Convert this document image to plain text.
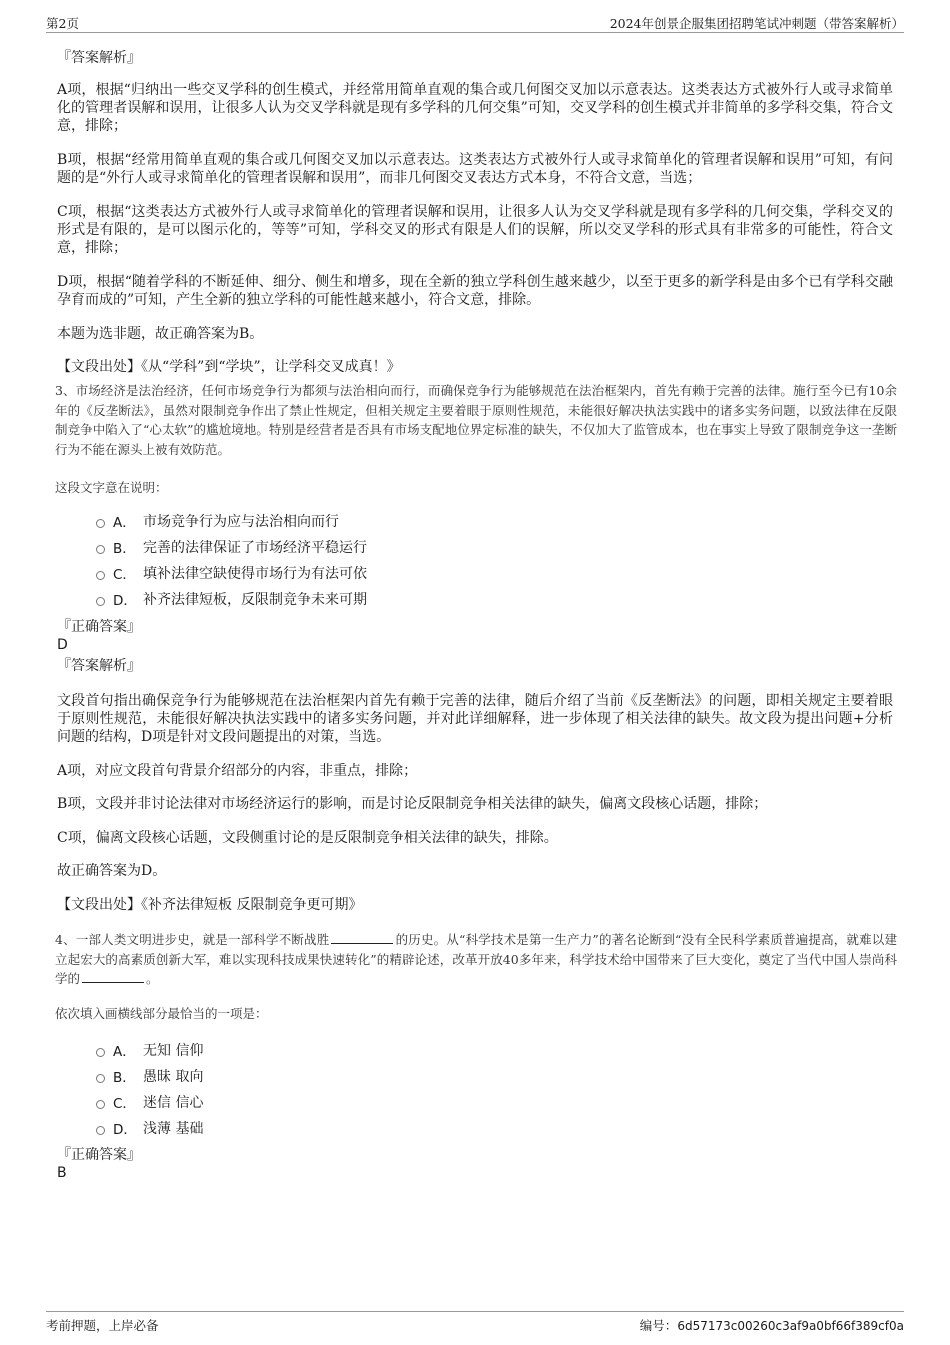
第2页	2024年创景企服集团招聘笔试冲刺题（带答案解析）
『答案解析』
A项，根据“归纳出一些交叉学科的创生模式，并经常用简单直观的集合或几何图交叉加以示意表达。这类表达方式被外行人或寻求简单化的管理者误解和误用，让很多人认为交叉学科就是现有多学科的几何交集”可知，交叉学科的创生模式并非简单的多学科交集，符合文意，排除；
B项，根据“经常用简单直观的集合或几何图交叉加以示意表达。这类表达方式被外行人或寻求简单化的管理者误解和误用”可知，有问题的是“外行人或寻求简单化的管理者误解和误用”，而非几何图交叉表达方式本身，不符合文意，当选；
C项，根据“这类表达方式被外行人或寻求简单化的管理者误解和误用，让很多人认为交叉学科就是现有多学科的几何交集，学科交叉的形式是有限的，是可以图示化的，等等”可知，学科交叉的形式有限是人们的误解，所以交叉学科的形式具有非常多的可能性，符合文意，排除；
D项，根据“随着学科的不断延伸、细分、侧生和增多，现在全新的独立学科创生越来越少，以至于更多的新学科是由多个已有学科交融孕育而成的”可知，产生全新的独立学科的可能性越来越小，符合文意，排除。
本题为选非题，故正确答案为B。
【文段出处】《从“学科”到“学块”，让学科交叉成真！》
3、市场经济是法治经济，任何市场竞争行为都须与法治相向而行，而确保竞争行为能够规范在法治框架内，首先有赖于完善的法律。施行至今已有10余年的《反垄断法》，虽然对限制竞争作出了禁止性规定，但相关规定主要着眼于原则性规范，未能很好解决执法实践中的诸多实务问题，以致法律在反限制竞争中陷入了“心太软”的尴尬境地。特别是经营者是否具有市场支配地位界定标准的缺失，不仅加大了监管成本，也在事实上导致了限制竞争这一垄断行为不能在源头上被有效防范。
这段文字意在说明：
A． 市场竞争行为应与法治相向而行
B． 完善的法律保证了市场经济平稳运行
C． 填补法律空缺使得市场行为有法可依
D． 补齐法律短板，反限制竞争未来可期
『正确答案』
D
『答案解析』
文段首句指出确保竞争行为能够规范在法治框架内首先有赖于完善的法律，随后介绍了当前《反垄断法》的问题，即相关规定主要着眼于原则性规范，未能很好解决执法实践中的诸多实务问题，并对此详细解释，进一步体现了相关法律的缺失。故文段为提出问题+分析问题的结构，D项是针对文段问题提出的对策，当选。
A项，对应文段首句背景介绍部分的内容，非重点，排除；
B项，文段并非讨论法律对市场经济运行的影响，而是讨论反限制竞争相关法律的缺失，偏离文段核心话题，排除；
C项，偏离文段核心话题，文段侧重讨论的是反限制竞争相关法律的缺失，排除。
故正确答案为D。
【文段出处】《补齐法律短板 反限制竞争更可期》
4、一部人类文明进步史，就是一部科学不断战胜	的历史。从“科学技术是第一生产力”的著名论断到“没有全民科学素质普遍提高，就难以建立起宏大的高素质创新大军，难以实现科技成果快速转化”的精辟论述，改革开放40多年来，科学技术给中国带来了巨大变化，奠定了当代中国人崇尚科学的	。
依次填入画横线部分最恰当的一项是：
A． 无知 信仰
B． 愚昧 取向
C． 迷信 信心
D． 浅薄 基础
『正确答案』
B
考前押题，上岸必备	编号：6d57173c00260c3af9a0bf66f389cf0a
